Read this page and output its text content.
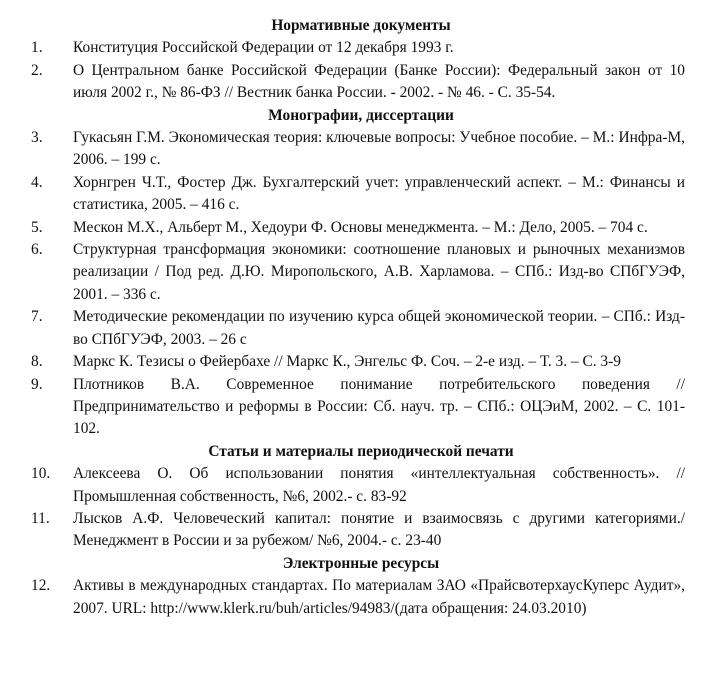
Нормативные документы
1. Конституция Российской Федерации от 12 декабря 1993 г.
2. О Центральном банке Российской Федерации (Банке России): Федеральный закон от 10 июля 2002 г., № 86-ФЗ // Вестник банка России. - 2002. - № 46. - С. 35-54.
Монографии, диссертации
3. Гукасьян Г.М. Экономическая теория: ключевые вопросы: Учебное пособие. – М.: Инфра-М, 2006. – 199 с.
4. Хорнгрен Ч.Т., Фостер Дж. Бухгалтерский учет: управленческий аспект. – М.: Финансы и статистика, 2005. – 416 с.
5. Мескон М.Х., Альберт М., Хедоури Ф. Основы менеджмента. – М.: Дело, 2005. – 704 с.
6. Структурная трансформация экономики: соотношение плановых и рыночных механизмов реализации / Под ред. Д.Ю. Миропольского, А.В. Харламова. – СПб.: Изд-во СПбГУЭФ, 2001. – 336 с.
7. Методические рекомендации по изучению курса общей экономической теории. – СПб.: Изд-во СПбГУЭФ, 2003. – 26 с
8. Маркс К. Тезисы о Фейербахе // Маркс К., Энгельс Ф. Соч. – 2-е изд. – Т. 3. – С. 3-9
9. Плотников В.А. Современное понимание потребительского поведения // Предпринимательство и реформы в России: Сб. науч. тр. – СПб.: ОЦЭиМ, 2002. – С. 101-102.
Статьи и материалы периодической печати
10. Алексеева О. Об использовании понятия «интеллектуальная собственность». // Промышленная собственность, №6, 2002.- с. 83-92
11. Лысков А.Ф. Человеческий капитал: понятие и взаимосвязь с другими категориями./ Менеджмент в России и за рубежом/ №6, 2004.- с. 23-40
Электронные ресурсы
12. Активы в международных стандартах. По материалам ЗАО «ПрайсвотерхаусКуперс Аудит», 2007. URL: http://www.klerk.ru/buh/articles/94983/(дата обращения: 24.03.2010)
